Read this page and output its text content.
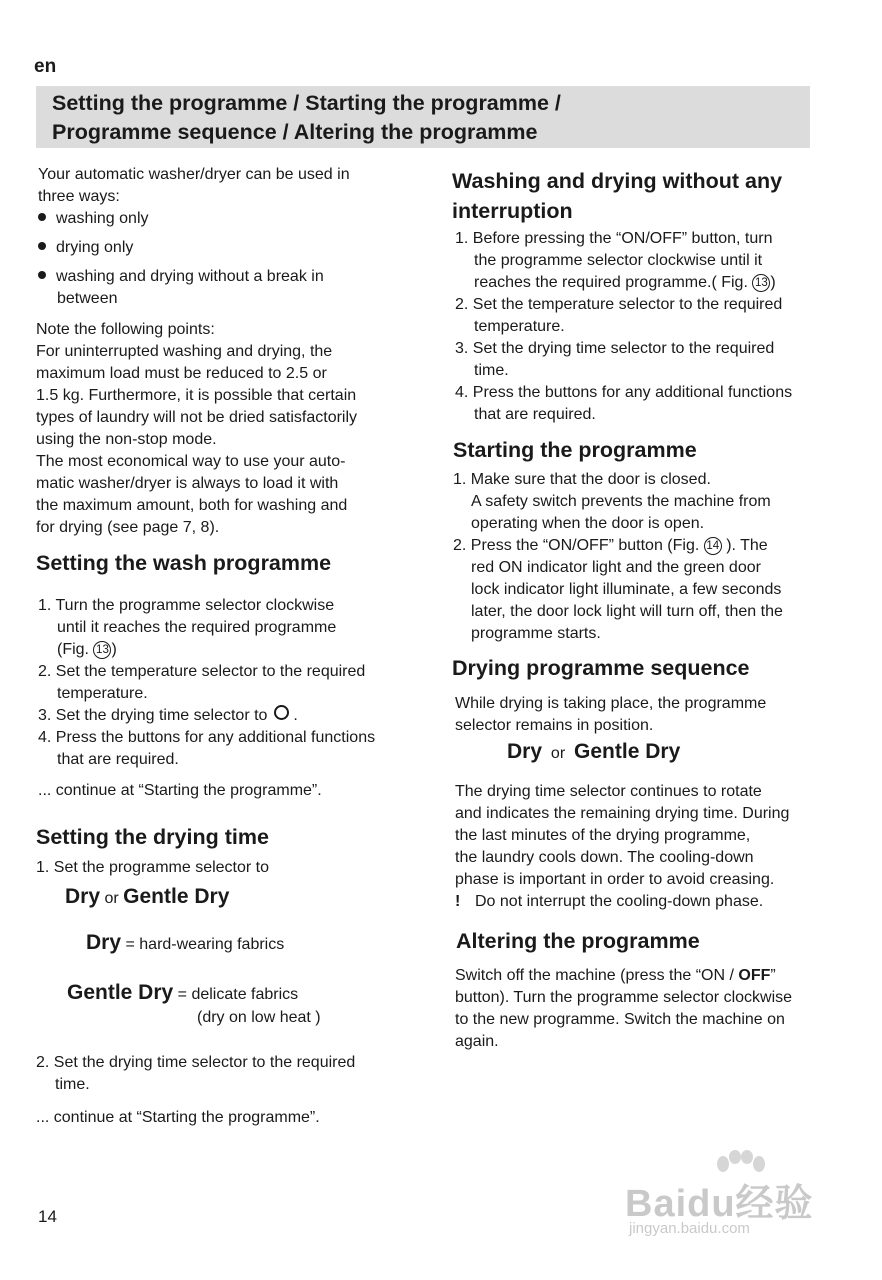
en
Setting the programme / Starting the programme /
Programme sequence / Altering the programme
Your automatic washer/dryer can be used in
three ways:
washing only
drying only
washing and drying without a break in
between
Note the following points:
For uninterrupted washing and drying, the
maximum load must be reduced to 2.5 or
1.5 kg. Furthermore, it is possible that certain
types of laundry will not be dried satisfactorily
using the non-stop mode.
The most economical way to use your auto-
matic washer/dryer is always to load it with
the maximum amount, both for washing and
for drying (see page 7, 8).
Setting the wash programme
1. Turn the programme selector clockwise
until it reaches the required programme
(Fig. 13 )
2. Set the temperature selector to the required
temperature.
3. Set the drying time selector to .
4. Press the buttons for any additional functions
that are required.
... continue at “Starting the programme”.
Setting the drying time
1. Set the programme selector to
Dry or Gentle Dry
Dry = hard-wearing fabrics
Gentle Dry = delicate fabrics
(dry on low heat )
2. Set the drying time selector to the required
time.
... continue at “Starting the programme”.
Washing and drying without any
interruption
1. Before pressing the “ON/OFF” button, turn
the programme selector clockwise until it
reaches the required programme.( Fig. 13 )
2. Set the temperature selector to the required
temperature.
3. Set the drying time selector to the required
time.
4. Press the buttons for any additional functions
that are required.
Starting the programme
1. Make sure that the door is closed.
A safety switch prevents the machine from
operating when the door is open.
2. Press the “ON/OFF” button (Fig. 14 ). The
red ON indicator light and the green door
lock indicator light illuminate, a few seconds
later, the door lock light will turn off, then the
programme starts.
Drying programme sequence
While drying is taking place, the programme
selector remains in position.
Dry or Gentle Dry
The drying time selector continues to rotate
and indicates the remaining drying time. During
the last minutes of the drying programme,
the laundry cools down. The cooling-down
phase is important in order to avoid creasing.
! Do not interrupt the cooling-down phase.
Altering the programme
Switch off the machine (press the “ON / OFF”
button). Turn the programme selector clockwise
to the new programme. Switch the machine on
again.
14	Baidu经验
jingyan.baidu.com
